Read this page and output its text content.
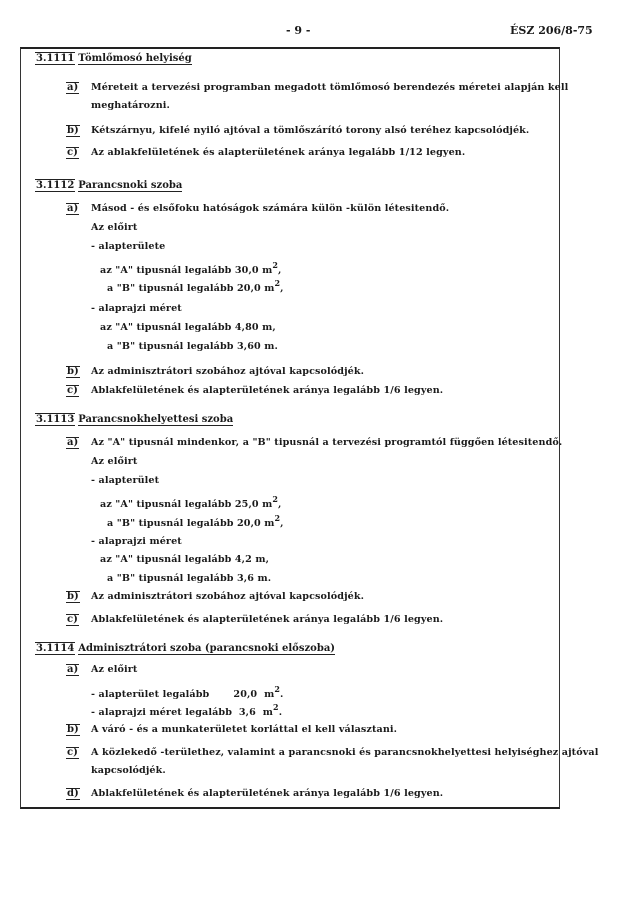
- 9 -	ÉSZ 206/8-75
3.1111 Tömlőmosó helyiség
a) Méreteit a tervezési programban megadott tömlőmosó berendezés méretei alapján kell
meghatározni.
b) Kétszárnyu, kifelé nyiló ajtóval a tömlőszárító torony alsó teréhez kapcsolódjék.
c) Az ablakfelületének és alapterületének aránya legalább 1/12 legyen.
3.1112 Parancsnoki szoba
a) Másod - és elsőfoku hatóságok számára külön -külön létesitendő.
Az előirt
- alapterülete
az "A" tipusnál legalább 30,0 $m^2$,
a "B" tipusnál legalább 20,0 $m^2$,
- alaprajzi méret
az "A" tipusnál legalább 4,80 m,
a "B" tipusnál legalább 3,60 m.
b) Az adminisztrátori szobához ajtóval kapcsolódjék.
c) Ablakfelületének és alapterületének aránya legalább 1/6 legyen.
3.1113 Parancsnokhelyettesi szoba
a) Az "A" tipusnál mindenkor, a "B" tipusnál a tervezési programtól függően létesitendő.
Az előirt
- alapterület
az "A" tipusnál legalább 25,0 $m^2$,
a "B" tipusnál legalább 20,0 $m^2$,
- alaprajzi méret
az "A" tipusnál legalább 4,2 m,
a "B" tipusnál legalább 3,6 m.
b) Az adminisztrátori szobához ajtóval kapcsolódjék.
c) Ablakfelületének és alapterületének aránya legalább 1/6 legyen.
3.1114 Adminisztrátori szoba (parancsnoki előszoba)
a) Az előirt
- alapterület legalább       20,0  $m^2$.
- alaprajzi méret legalább  3,6  $m^2$.
b) A váró - és a munkaterületet korláttal el kell választani.
c) A közlekedő -területhez, valamint a parancsnoki és parancsnokhelyettesi helyiséghez ajtóval
kapcsolódjék.
d) Ablakfelületének és alapterületének aránya legalább 1/6 legyen.
